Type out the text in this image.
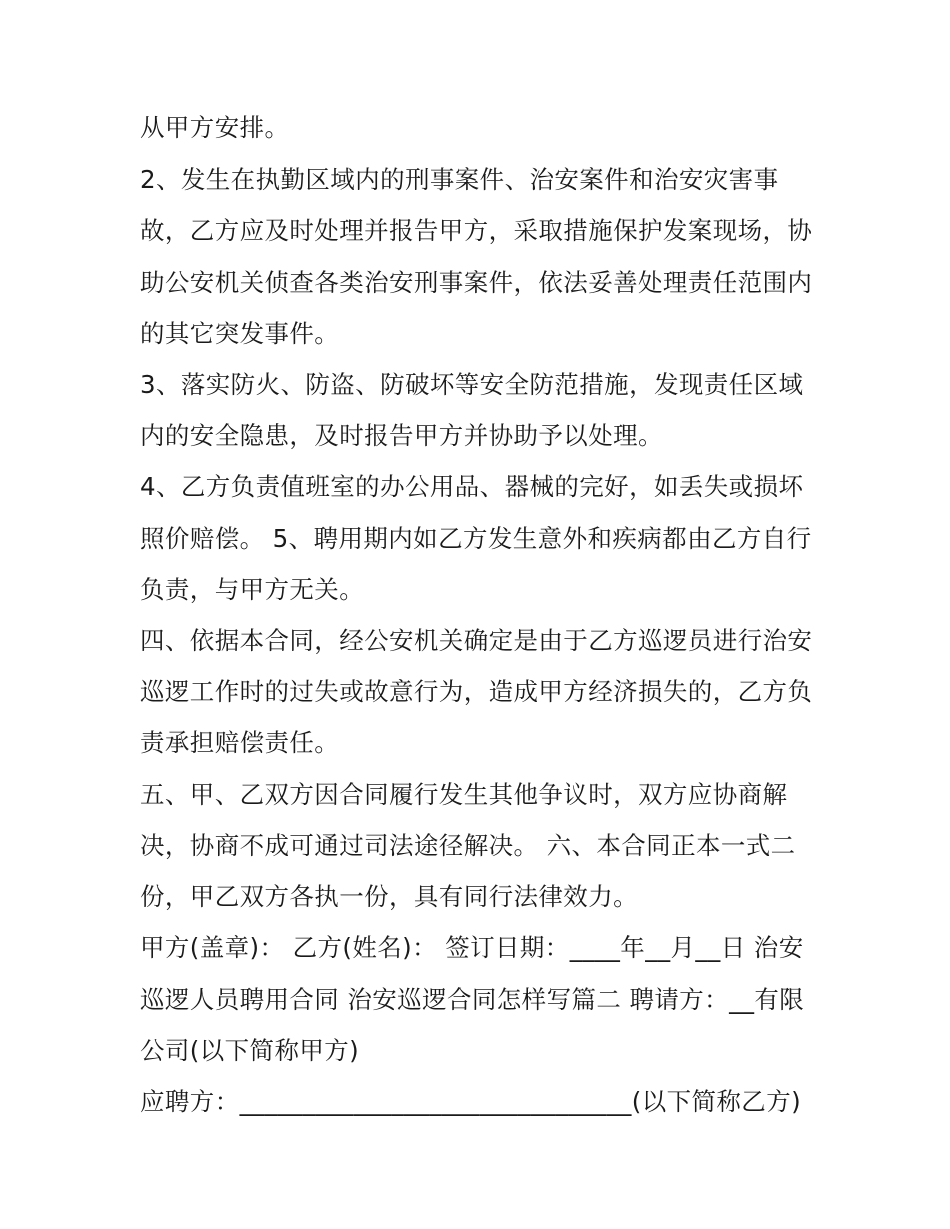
从甲方安排。
2、发生在执勤区域内的刑事案件、治安案件和治安灾害事
故，乙方应及时处理并报告甲方，采取措施保护发案现场，协
助公安机关侦查各类治安刑事案件，依法妥善处理责任范围内
的其它突发事件。
3、落实防火、防盗、防破坏等安全防范措施，发现责任区域
内的安全隐患，及时报告甲方并协助予以处理。
4、乙方负责值班室的办公用品、器械的完好，如丢失或损坏
照价赔偿。 5、聘用期内如乙方发生意外和疾病都由乙方自行
负责，与甲方无关。
四、依据本合同，经公安机关确定是由于乙方巡逻员进行治安
巡逻工作时的过失或故意行为，造成甲方经济损失的，乙方负
责承担赔偿责任。
五、甲、乙双方因合同履行发生其他争议时，双方应协商解
决，协商不成可通过司法途径解决。 六、本合同正本一式二
份，甲乙双方各执一份，具有同行法律效力。
甲方(盖章)： 乙方(姓名)： 签订日期：____年__月__日 治安
巡逻人员聘用合同 治安巡逻合同怎样写篇二 聘请方：__有限
公司(以下简称甲方)
应聘方：_______________________________(以下简称乙方)
